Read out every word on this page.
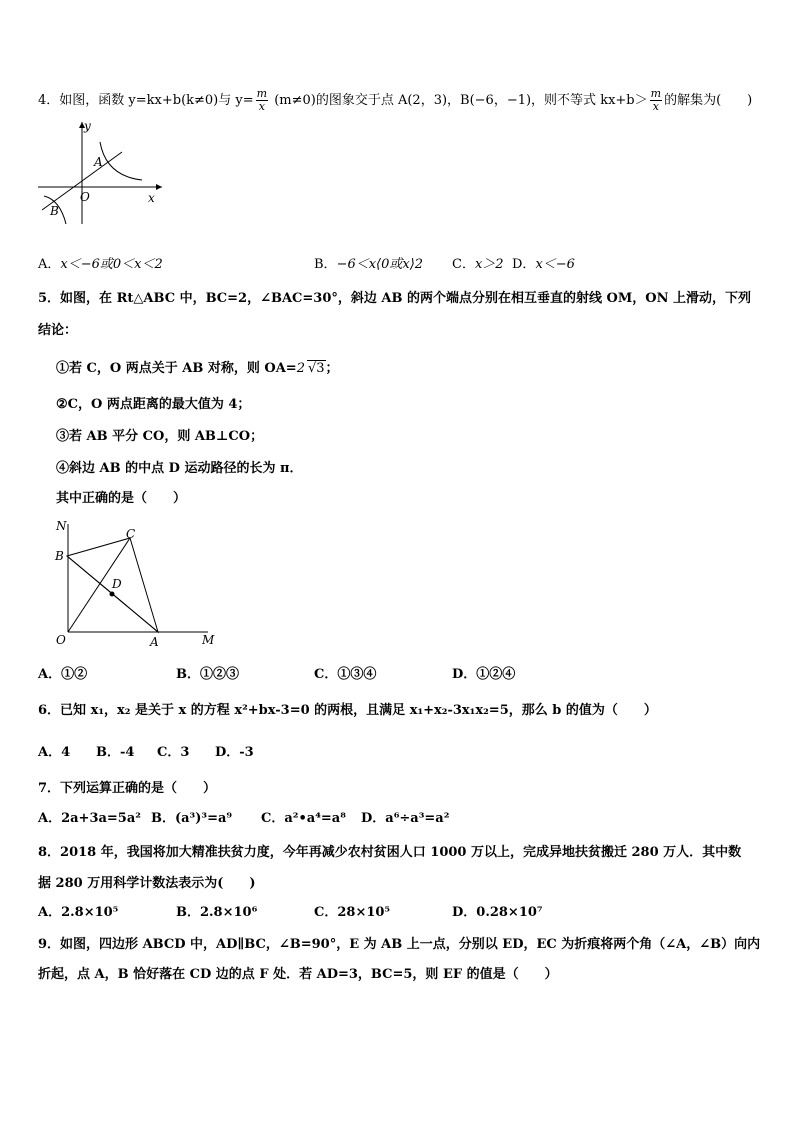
4．如图，函数 y=kx+b(k≠0)与 $y= \frac{m}{x} (m\ne 0)$的图象交于点 A(2，3)，B(−6，−1)，则不等式 $kx+b> \frac{m}{x}$ 的解集为(　　)
y
x
O
A
B
A．x＜−6或0＜x＜2	B．−6＜x⟨0或x⟩2 C．x＞2 D．x＜−6
5．如图，在 Rt△ABC 中，BC=2，∠BAC=30°，斜边 AB 的两个端点分别在相互垂直的射线 OM，ON 上滑动，下列
结论：
①若 C，O 两点关于 AB 对称，则 OA=2 √3；
②C，O 两点距离的最大值为 4；
③若 AB 平分 CO，则 AB⊥CO；
④斜边 AB 的中点 D 运动路径的长为 π．
其中正确的是（　　）
N
B
C
D
O	A	M
A．①②	B．①②③	C．①③④	D．①②④
6．已知 x₁，x₂ 是关于 x 的方程 x²+bx-3=0 的两根，且满足 x₁+x₂-3x₁x₂=5，那么 b 的值为（　　）
A．4 B．-4 C．3 D．-3
7．下列运算正确的是（　　）
A．2a+3a=5a² B．(a³)³=a⁹ C．a²•a⁴=a⁸ D．a⁶÷a³=a²
8．2018 年，我国将加大精准扶贫力度，今年再减少农村贫困人口 1000 万以上，完成异地扶贫搬迁 280 万人．其中数
据 280 万用科学计数法表示为(　　)
A．2.8×10⁵	B．2.8×10⁶	C．28×10⁵	D．0.28×10⁷
9．如图，四边形 ABCD 中，AD∥BC，∠B=90°，E 为 AB 上一点，分别以 ED，EC 为折痕将两个角（∠A，∠B）向内
折起，点 A，B 恰好落在 CD 边的点 F 处．若 AD=3，BC=5，则 EF 的值是（　　）
